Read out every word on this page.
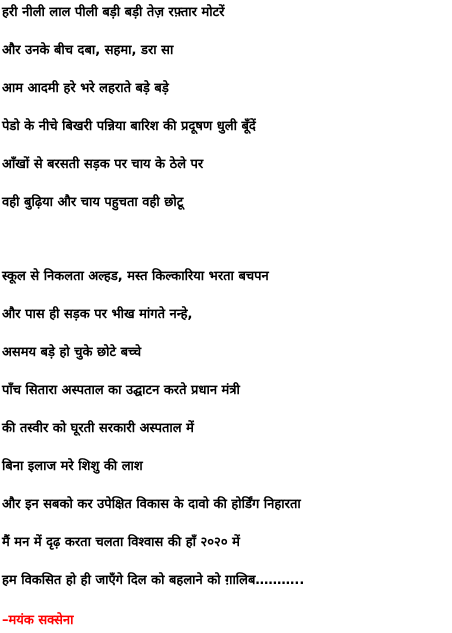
हरी नीली लाल पीली बड़ी बड़ी तेज़ रफ़्तार मोटरें
और उनके बीच दबा, सहमा, डरा सा
आम आदमी हरे भरे लहराते बड़े बड़े
पेडो के नीचे बिखरी पन्निया बारिश की प्रदूषण धुली बूँदें
आँखों से बरसती सड़क पर चाय के ठेले पर
वही बुढ़िया और चाय पहुचता वही छोटू
स्कूल से निकलता अल्हड, मस्त किल्कारिया भरता बचपन
और पास ही सड़क पर भीख मांगते नन्हे,
असमय बड़े हो चुके छोटे बच्चे
पाँच सितारा अस्पताल का उद्घाटन करते प्रधान मंत्री
की तस्वीर को घूरती सरकारी अस्पताल में
बिना इलाज मरे शिशु की लाश
और इन सबको कर उपेक्षित विकास के दावो की होर्डिंग निहारता
मैं मन में दृढ़ करता चलता विश्वास की हाँ २०२० में
हम विकसित हो ही जाएँगे दिल को बहलाने को ग़ालिब………..
–मयंक सक्सेना
